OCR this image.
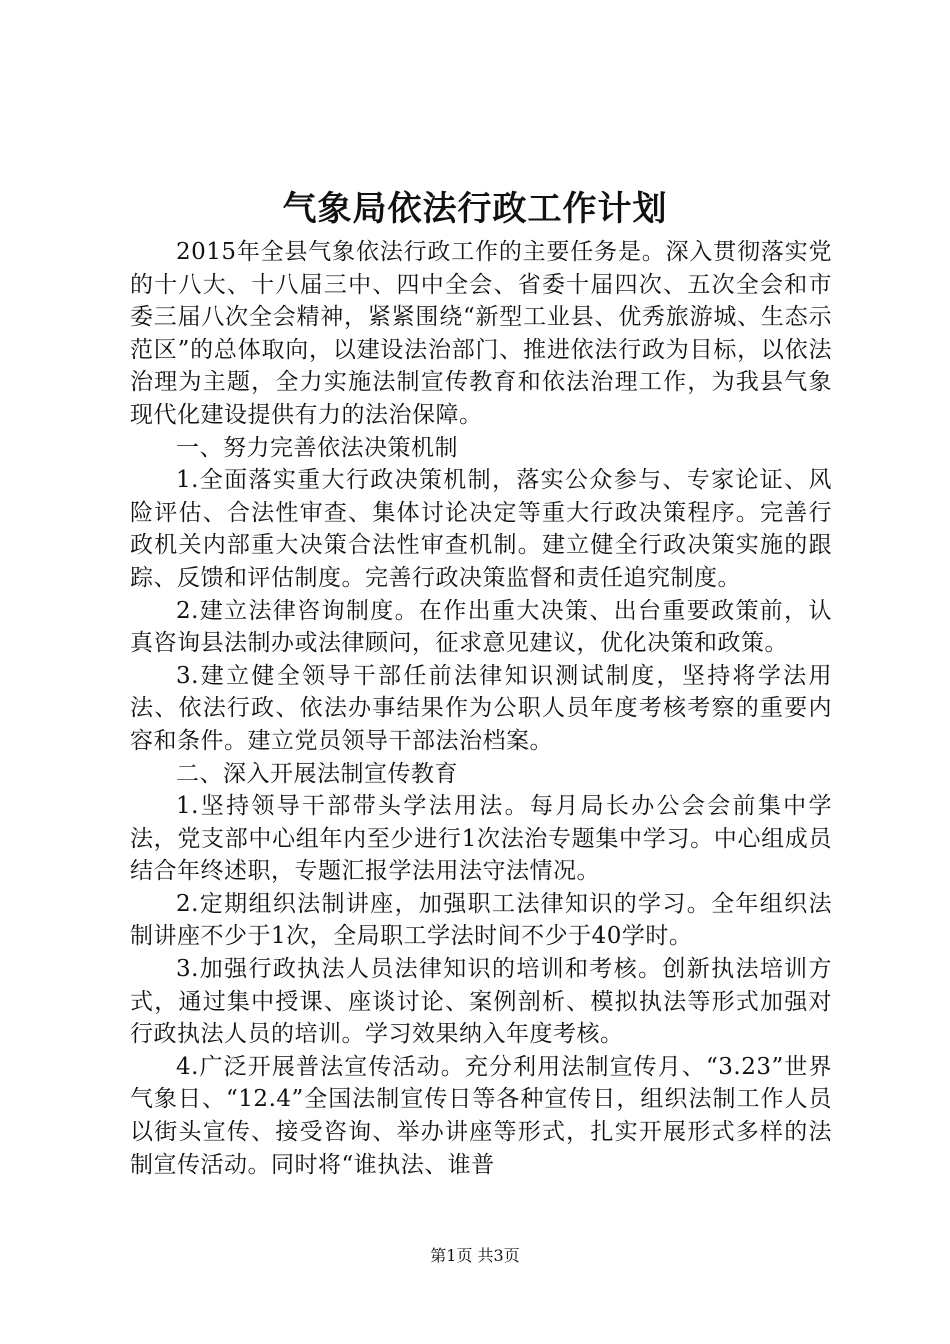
气象局依法行政工作计划

2015年全县气象依法行政工作的主要任务是。深入贯彻落实党的十八大、十八届三中、四中全会、省委十届四次、五次全会和市委三届八次全会精神，紧紧围绕“新型工业县、优秀旅游城、生态示范区”的总体取向，以建设法治部门、推进依法行政为目标，以依法治理为主题，全力实施法制宣传教育和依法治理工作，为我县气象现代化建设提供有力的法治保障。

一、努力完善依法决策机制

1.全面落实重大行政决策机制，落实公众参与、专家论证、风险评估、合法性审查、集体讨论决定等重大行政决策程序。完善行政机关内部重大决策合法性审查机制。建立健全行政决策实施的跟踪、反馈和评估制度。完善行政决策监督和责任追究制度。

2.建立法律咨询制度。在作出重大决策、出台重要政策前，认真咨询县法制办或法律顾问，征求意见建议，优化决策和政策。

3.建立健全领导干部任前法律知识测试制度，坚持将学法用法、依法行政、依法办事结果作为公职人员年度考核考察的重要内容和条件。建立党员领导干部法治档案。

二、深入开展法制宣传教育

1.坚持领导干部带头学法用法。每月局长办公会会前集中学法，党支部中心组年内至少进行1次法治专题集中学习。中心组成员结合年终述职，专题汇报学法用法守法情况。

2.定期组织法制讲座，加强职工法律知识的学习。全年组织法制讲座不少于1次，全局职工学法时间不少于40学时。

3.加强行政执法人员法律知识的培训和考核。创新执法培训方式，通过集中授课、座谈讨论、案例剖析、模拟执法等形式加强对行政执法人员的培训。学习效果纳入年度考核。

4.广泛开展普法宣传活动。充分利用法制宣传月、“3.23”世界气象日、“12.4”全国法制宣传日等各种宣传日，组织法制工作人员以街头宣传、接受咨询、举办讲座等形式，扎实开展形式多样的法制宣传活动。同时将“谁执法、谁普

第1页 共3页
